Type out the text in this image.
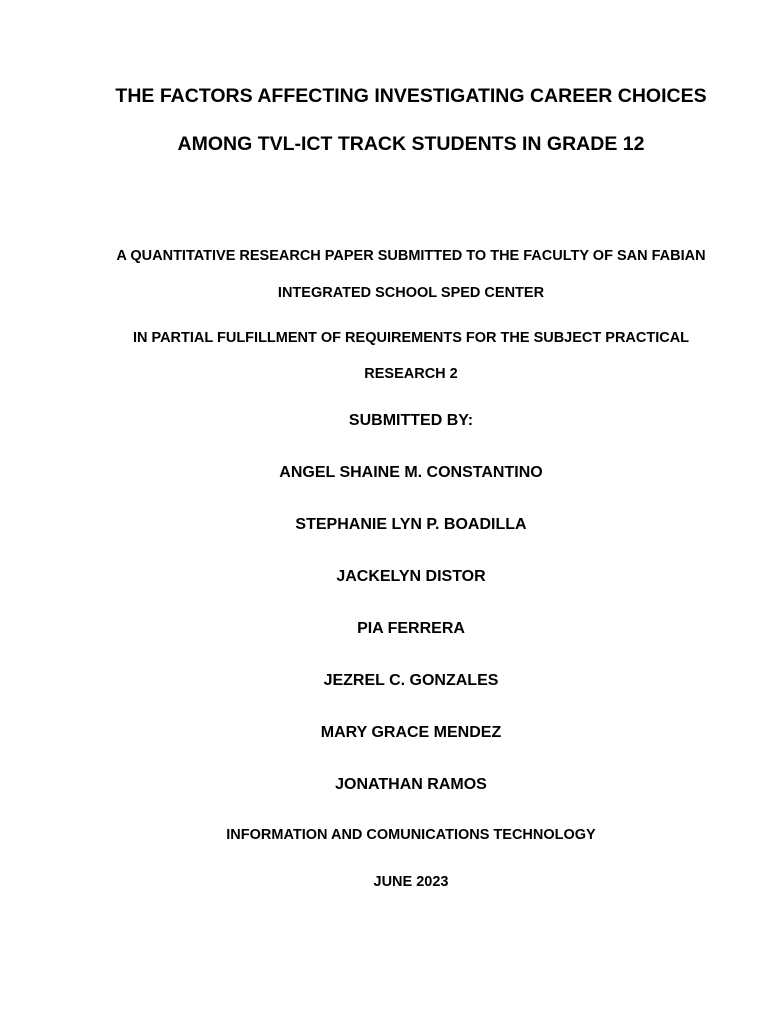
THE FACTORS AFFECTING INVESTIGATING CAREER CHOICES
AMONG TVL-ICT TRACK STUDENTS IN GRADE 12
A QUANTITATIVE RESEARCH PAPER SUBMITTED TO THE FACULTY OF SAN FABIAN
INTEGRATED SCHOOL SPED CENTER
IN PARTIAL FULFILLMENT OF REQUIREMENTS FOR THE SUBJECT PRACTICAL
RESEARCH 2
SUBMITTED BY:
ANGEL SHAINE M. CONSTANTINO
STEPHANIE LYN P. BOADILLA
JACKELYN DISTOR
PIA FERRERA
JEZREL C. GONZALES
MARY GRACE MENDEZ
JONATHAN RAMOS
INFORMATION AND COMUNICATIONS TECHNOLOGY
JUNE 2023
